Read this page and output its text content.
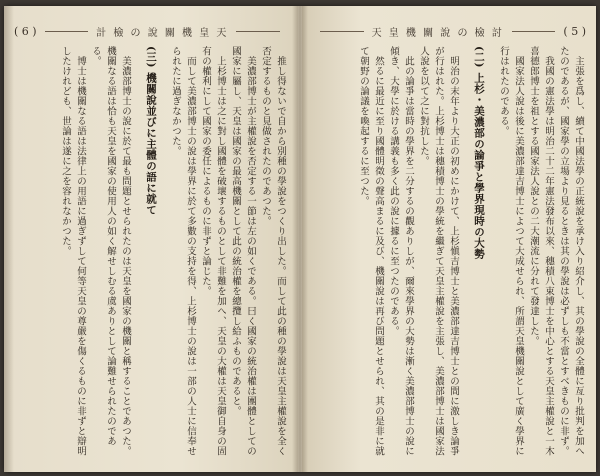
( 6 )	計 檢 の 說 關 機 皇 天

推し得ないで自から別種の學說をつくり出した。而して此の種の學說は天皇主權說を全く否定するものと見做されたのであつた。

美濃部博士が主權說を否定する一節は左の如くである。曰く國家の統治權は團體としての國家に屬し、天皇は國家の最高機關として此の統治權を總攬し給ふものであると。

上杉博士は之に對し國體を破壞するものとして非難を加へ、天皇の大權は天皇御自身の固有の權利にして國家の委任によるものに非ずと論じた。

而して美濃部博士の說は學界に於て多數の支持を得、上杉博士の說は一部の人士に信奉せられたに過ぎなかつた。

(三) 機關說並びに主體の語に就て

美濃部博士の說に於て最も問題とせられたのは天皇を國家の機關と稱することであつた。機關なる語は恰も天皇を國家の使用人の如く解せしむる虞ありとして論難せられたのである。

博士は機關なる語は法律上の用語に過ぎずして何等天皇の尊嚴を傷くるものに非ずと辯明したけれども、世論は遂に之を容れなかつた。

天 皇 機 關 說 の 檢 討	( 5 )

主張を爲し、續て中國法學の正統說を承け入り紹介し、其の學說の全體に亙り批判を加へたのであるが、國家學の立場より見るときは其の學說は必ずしも不當とすべきものに非ず。

我國の憲法學は明治二十二年憲法發布以來、穗積八束博士を中心とする天皇主權說と一木喜德郎博士を祖とする國家法人說との二大潮流に分れて發達した。

國家法人說は後に美濃部達吉博士によつて大成せられ、所謂天皇機關說として廣く學界に行はれたのである。

(二) 上杉・美濃部の論爭と學界現時の大勢

明治の末年より大正の初めにかけて、上杉愼吉博士と美濃部達吉博士との間に激しき論爭が行はれた。上杉博士は穗積博士の學統を繼ぎて天皇主權說を主張し、美濃部博士は國家法人說を以て之に對抗した。

此の論爭は當時の學界を二分するの觀ありしが、爾來學界の大勢は漸く美濃部博士の說に傾き、大學に於ける講義も多く此の說に據るに至つたのである。

然るに最近に至り國體明徵の聲高まるに及び、機關說は再び問題とせられ、其の是非に就て朝野の論議を喚起するに至つた。
